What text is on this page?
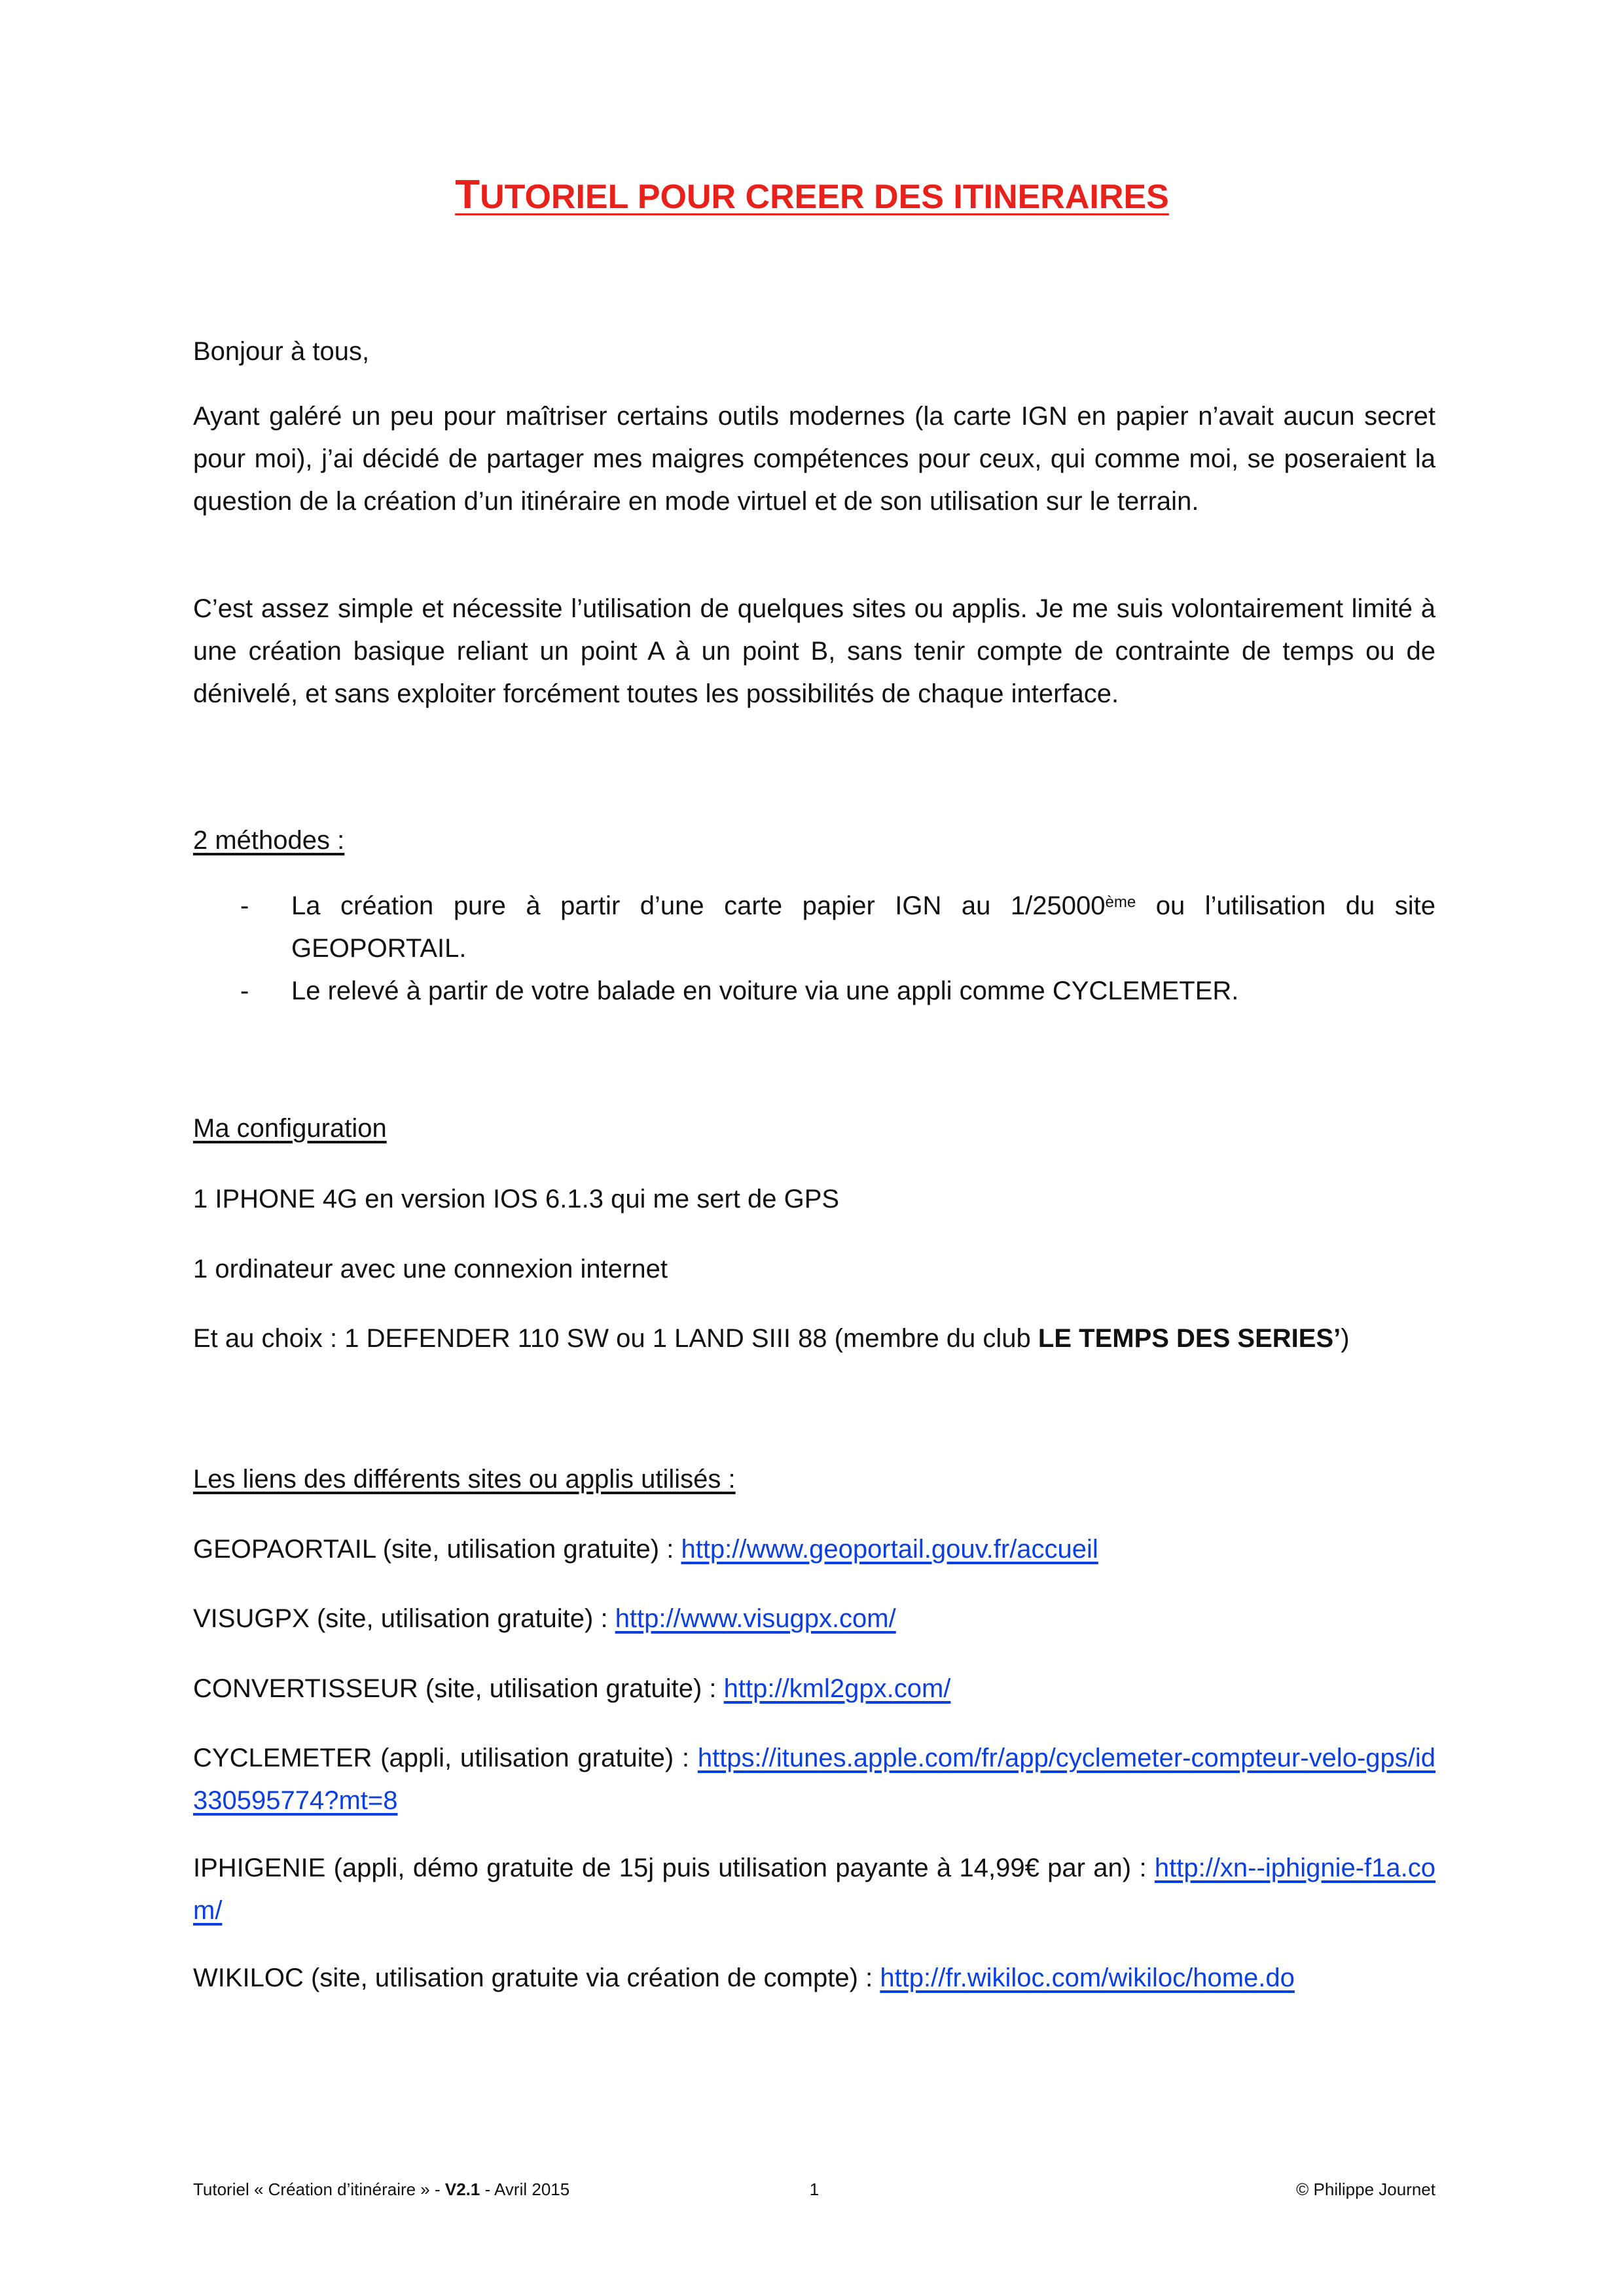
TUTORIEL POUR CREER DES ITINERAIRES
Bonjour à tous,
Ayant galéré un peu pour maîtriser certains outils modernes (la carte IGN en papier n’avait aucun secret pour moi), j’ai décidé de partager mes maigres compétences pour ceux, qui comme moi, se poseraient la question de la création d’un itinéraire en mode virtuel et de son utilisation sur le terrain.
C’est assez simple et nécessite l’utilisation de quelques sites ou applis. Je me suis volontairement limité à une création basique reliant un point A à un point B, sans tenir compte de contrainte de temps ou de dénivelé, et sans exploiter forcément toutes les possibilités de chaque interface.
2 méthodes :
- La création pure à partir d’une carte papier IGN au 1/25000ème ou l’utilisation du site GEOPORTAIL.
- Le relevé à partir de votre balade en voiture via une appli comme CYCLEMETER.
Ma configuration
1 IPHONE 4G en version IOS 6.1.3 qui me sert de GPS
1 ordinateur avec une connexion internet
Et au choix : 1 DEFENDER 110 SW ou 1 LAND SIII 88 (membre du club LE TEMPS DES SERIES’)
Les liens des différents sites ou applis utilisés :
GEOPAORTAIL (site, utilisation gratuite) : http://www.geoportail.gouv.fr/accueil
VISUGPX (site, utilisation gratuite) : http://www.visugpx.com/
CONVERTISSEUR (site, utilisation gratuite) : http://kml2gpx.com/
CYCLEMETER (appli, utilisation gratuite) : https://itunes.apple.com/fr/app/cyclemeter-compteur-velo-gps/id330595774?mt=8
IPHIGENIE (appli, démo gratuite de 15j puis utilisation payante à 14,99€ par an) : http://xn--iphignie-f1a.com/
WIKILOC (site, utilisation gratuite via création de compte) : http://fr.wikiloc.com/wikiloc/home.do
Tutoriel « Création d’itinéraire » - V2.1 - Avril 2015	1	© Philippe Journet
